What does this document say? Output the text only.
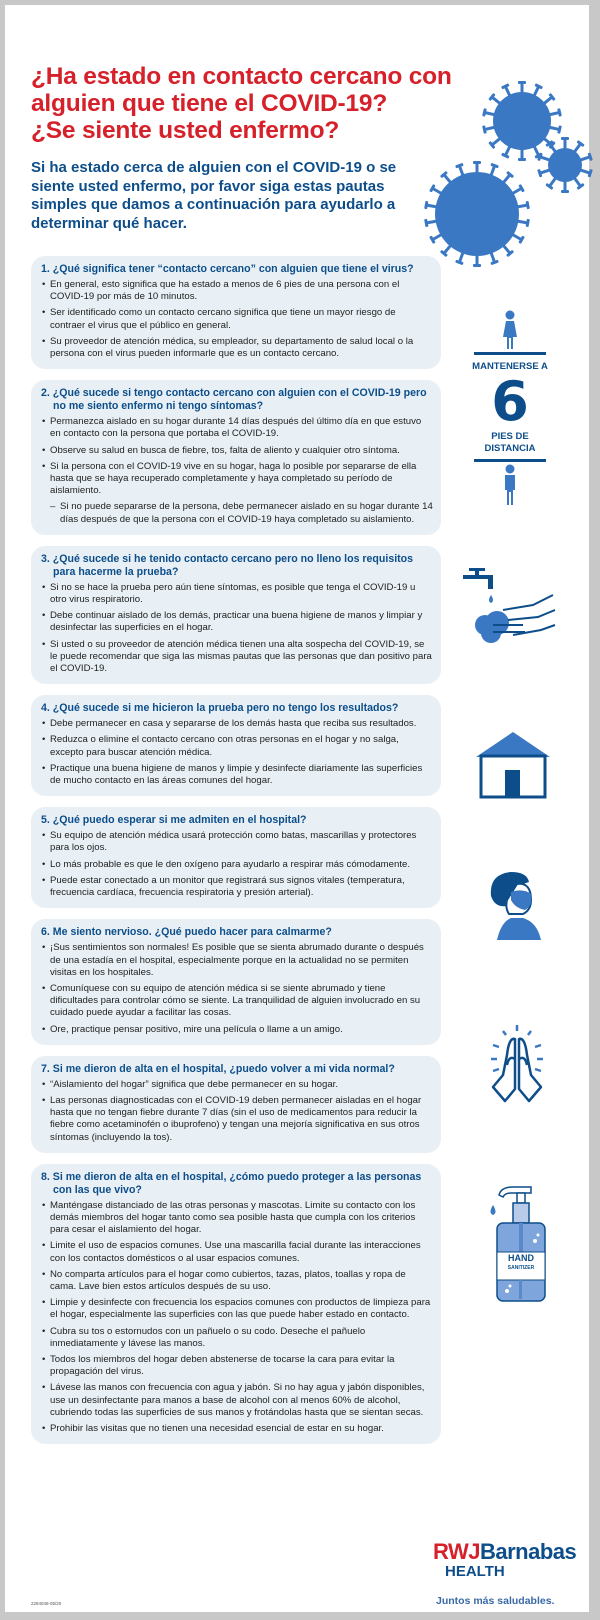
¿Ha estado en contacto cercano con
alguien que tiene el COVID-19?
¿Se siente usted enfermo?

Si ha estado cerca de alguien con el COVID-19 o se siente usted enfermo, por favor siga estas pautas simples que damos a continuación para ayudarlo a determinar qué hacer.

1. ¿Qué significa tener “contacto cercano” con alguien que tiene el virus?
• En general, esto significa que ha estado a menos de 6 pies de una persona con el COVID-19 por más de 10 minutos.
• Ser identificado como un contacto cercano significa que tiene un mayor riesgo de contraer el virus que el público en general.
• Su proveedor de atención médica, su empleador, su departamento de salud local o la persona con el virus pueden informarle que es un contacto cercano.
2. ¿Qué sucede si tengo contacto cercano con alguien con el COVID-19 pero no me siento enfermo ni tengo síntomas?
• Permanezca aislado en su hogar durante 14 días después del último día en que estuvo en contacto con la persona que portaba el COVID-19.
• Observe su salud en busca de fiebre, tos, falta de aliento y cualquier otro síntoma.
• Si la persona con el COVID-19 vive en su hogar, haga lo posible por separarse de ella hasta que se haya recuperado completamente y haya completado su período de aislamiento.
– Si no puede separarse de la persona, debe permanecer aislado en su hogar durante 14 días después de que la persona con el COVID-19 haya completado su aislamiento.
3. ¿Qué sucede si he tenido contacto cercano pero no lleno los requisitos para hacerme la prueba?
• Si no se hace la prueba pero aún tiene síntomas, es posible que tenga el COVID-19 u otro virus respiratorio.
• Debe continuar aislado de los demás, practicar una buena higiene de manos y limpiar y desinfectar las superficies en el hogar.
• Si usted o su proveedor de atención médica tienen una alta sospecha del COVID-19, se le puede recomendar que siga las mismas pautas que las personas que dan positivo para el COVID-19.
4. ¿Qué sucede si me hicieron la prueba pero no tengo los resultados?
• Debe permanecer en casa y separarse de los demás hasta que reciba sus resultados.
• Reduzca o elimine el contacto cercano con otras personas en el hogar y no salga, excepto para buscar atención médica.
• Practique una buena higiene de manos y limpie y desinfecte diariamente las superficies de mucho contacto en las áreas comunes del hogar.
5. ¿Qué puedo esperar si me admiten en el hospital?
• Su equipo de atención médica usará protección como batas, mascarillas y protectores para los ojos.
• Lo más probable es que le den oxígeno para ayudarlo a respirar más cómodamente.
• Puede estar conectado a un monitor que registrará sus signos vitales (temperatura, frecuencia cardíaca, frecuencia respiratoria y presión arterial).
6. Me siento nervioso. ¿Qué puedo hacer para calmarme?
• ¡Sus sentimientos son normales! Es posible que se sienta abrumado durante o después de una estadía en el hospital, especialmente porque en la actualidad no se permiten visitas en los hospitales.
• Comuníquese con su equipo de atención médica si se siente abrumado y tiene dificultades para controlar cómo se siente. La tranquilidad de alguien involucrado en su cuidado puede ayudar a facilitar las cosas.
• Ore, practique pensar positivo, mire una película o llame a un amigo.
7. Si me dieron de alta en el hospital, ¿puedo volver a mi vida normal?
• “Aislamiento del hogar” significa que debe permanecer en su hogar.
• Las personas diagnosticadas con el COVID-19 deben permanecer aisladas en el hogar hasta que no tengan fiebre durante 7 días (sin el uso de medicamentos para reducir la fiebre como acetaminofén o ibuprofeno) y tengan una mejoría significativa en sus otros síntomas (incluyendo la tos).
8. Si me dieron de alta en el hospital, ¿cómo puedo proteger a las personas con las que vivo?
• Manténgase distanciado de las otras personas y mascotas. Limite su contacto con los demás miembros del hogar tanto como sea posible hasta que cumpla con los criterios para cesar el aislamiento del hogar.
• Limite el uso de espacios comunes. Use una mascarilla facial durante las interacciones con los contactos domésticos o al usar espacios comunes.
• No comparta artículos para el hogar como cubiertos, tazas, platos, toallas y ropa de cama. Lave bien estos artículos después de su uso.
• Limpie y desinfecte con frecuencia los espacios comunes con productos de limpieza para el hogar, especialmente las superficies con las que puede haber estado en contacto.
• Cubra su tos o estornudos con un pañuelo o su codo. Deseche el pañuelo inmediatamente y lávese las manos.
• Todos los miembros del hogar deben abstenerse de tocarse la cara para evitar la propagación del virus.
• Lávese las manos con frecuencia con agua y jabón. Si no hay agua y jabón disponibles, use un desinfectante para manos a base de alcohol con al menos 60% de alcohol, cubriendo todas las superficies de sus manos y frotándolas hasta que se sientan secas.
• Prohibir las visitas que no tienen una necesidad esencial de estar en su hogar.
MANTENERSE A
6
PIES DE
DISTANCIA
HAND
SANITIZER
RWJBarnabas
HEALTH
Juntos más saludables.
2284048-05/20
